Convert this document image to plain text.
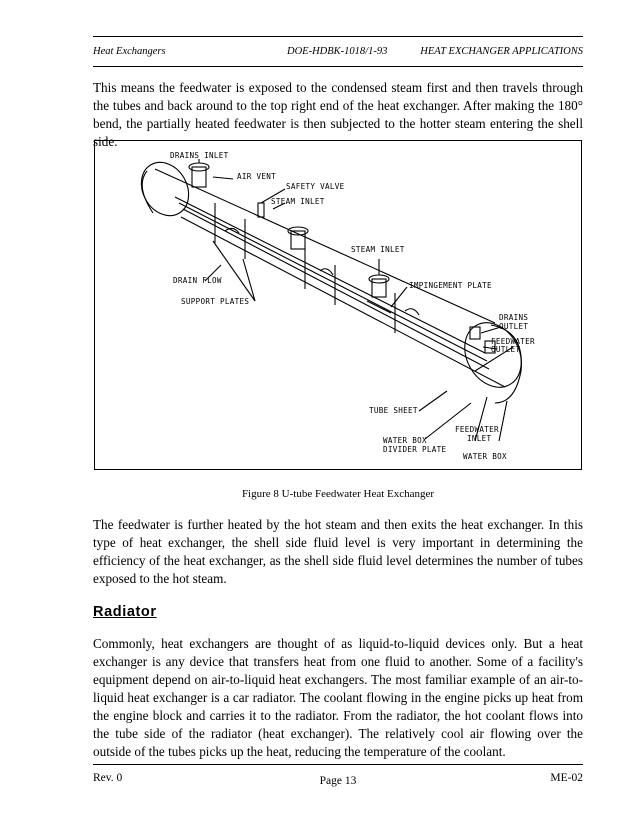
Heat Exchangers	DOE-HDBK-1018/1-93	HEAT EXCHANGER APPLICATIONS

This means the feedwater is exposed to the condensed steam first and then travels through the tubes and back around to the top right end of the heat exchanger. After making the 180° bend, the partially heated feedwater is then subjected to the hotter steam entering the shell side.

DRAINS INLET
AIR VENT
SAFETY VALVE
STEAM INLET
STEAM INLET
DRAIN FLOW
SUPPORT PLATES
IMPINGEMENT PLATE
DRAINS
OUTLET
FEEDWATER
OUTLET
TUBE SHEET
FEEDWATER
INLET
WATER BOX
DIVIDER PLATE
WATER BOX
Figure 8 U-tube Feedwater Heat Exchanger

The feedwater is further heated by the hot steam and then exits the heat exchanger. In this type of heat exchanger, the shell side fluid level is very important in determining the efficiency of the heat exchanger, as the shell side fluid level determines the number of tubes exposed to the hot steam.

Radiator

Commonly, heat exchangers are thought of as liquid-to-liquid devices only. But a heat exchanger is any device that transfers heat from one fluid to another. Some of a facility's equipment depend on air-to-liquid heat exchangers. The most familiar example of an air-to-liquid heat exchanger is a car radiator. The coolant flowing in the engine picks up heat from the engine block and carries it to the radiator. From the radiator, the hot coolant flows into the tube side of the radiator (heat exchanger). The relatively cool air flowing over the outside of the tubes picks up the heat, reducing the temperature of the coolant.

Rev. 0	Page 13	ME-02
